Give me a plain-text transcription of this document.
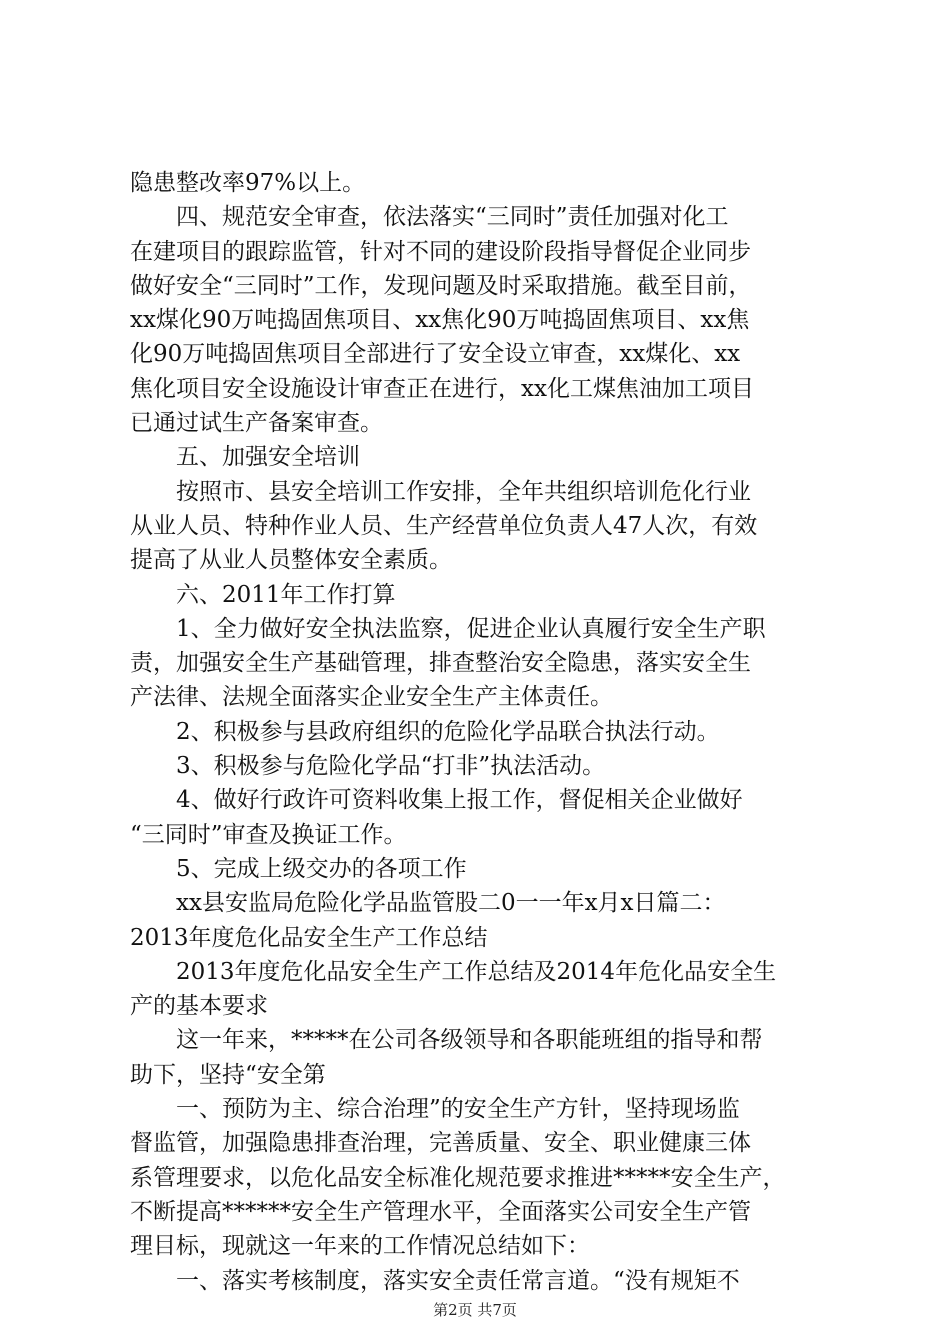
隐患整改率97%以上。
　　四、规范安全审查，依法落实“三同时”责任加强对化工
在建项目的跟踪监管，针对不同的建设阶段指导督促企业同步
做好安全“三同时”工作，发现问题及时采取措施。截至目前，
xx煤化90万吨捣固焦项目、xx焦化90万吨捣固焦项目、xx焦
化90万吨捣固焦项目全部进行了安全设立审查，xx煤化、xx
焦化项目安全设施设计审查正在进行，xx化工煤焦油加工项目
已通过试生产备案审查。
　　五、加强安全培训
　　按照市、县安全培训工作安排，全年共组织培训危化行业
从业人员、特种作业人员、生产经营单位负责人47人次，有效
提高了从业人员整体安全素质。
　　六、2011年工作打算
　　1、全力做好安全执法监察，促进企业认真履行安全生产职
责，加强安全生产基础管理，排查整治安全隐患，落实安全生
产法律、法规全面落实企业安全生产主体责任。
　　2、积极参与县政府组织的危险化学品联合执法行动。
　　3、积极参与危险化学品“打非”执法活动。
　　4、做好行政许可资料收集上报工作，督促相关企业做好
“三同时”审查及换证工作。
　　5、完成上级交办的各项工作
　　xx县安监局危险化学品监管股二0一一年x月x日篇二：
2013年度危化品安全生产工作总结
　　2013年度危化品安全生产工作总结及2014年危化品安全生
产的基本要求
　　这一年来，*****在公司各级领导和各职能班组的指导和帮
助下，坚持“安全第
　　一、预防为主、综合治理”的安全生产方针，坚持现场监
督监管，加强隐患排查治理，完善质量、安全、职业健康三体
系管理要求，以危化品安全标准化规范要求推进*****安全生产，
不断提高******安全生产管理水平，全面落实公司安全生产管
理目标，现就这一年来的工作情况总结如下：
　　一、落实考核制度，落实安全责任常言道。“没有规矩不
第2页 共7页
